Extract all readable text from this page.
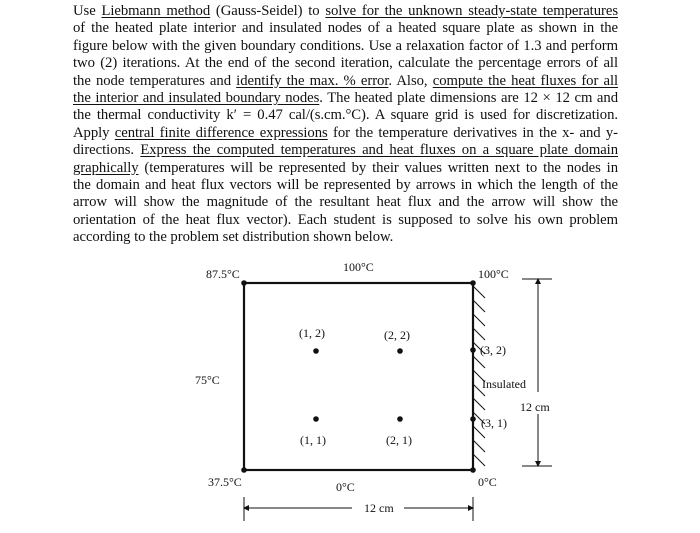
Use Liebmann method (Gauss-Seidel) to solve for the unknown steady-state temperatures
of the heated plate interior and insulated nodes of a heated square plate as shown in the
figure below with the given boundary conditions. Use a relaxation factor of 1.3 and perform
two (2) iterations. At the end of the second iteration, calculate the percentage errors of all
the node temperatures and identify the max. % error. Also, compute the heat fluxes for all
the interior and insulated boundary nodes. The heated plate dimensions are 12 × 12 cm and
the thermal conductivity k′ = 0.47 cal/(s.cm.°C). A square grid is used for discretization.
Apply central finite difference expressions for the temperature derivatives in the x- and y-
directions. Express the computed temperatures and heat fluxes on a square plate domain
graphically (temperatures will be represented by their values written next to the nodes in
the domain and heat flux vectors will be represented by arrows in which the length of the
arrow will show the magnitude of the resultant heat flux and the arrow will show the
orientation of the heat flux vector). Each student is supposed to solve his own problem
according to the problem set distribution shown below.
(1, 2)	(2, 2)
(3, 2)
(1, 1)	(2, 1)
(3, 1)
100°C
87.5°C	100°C
75°C
37.5°C	0°C	0°C
Insulated
12 cm
12 cm
